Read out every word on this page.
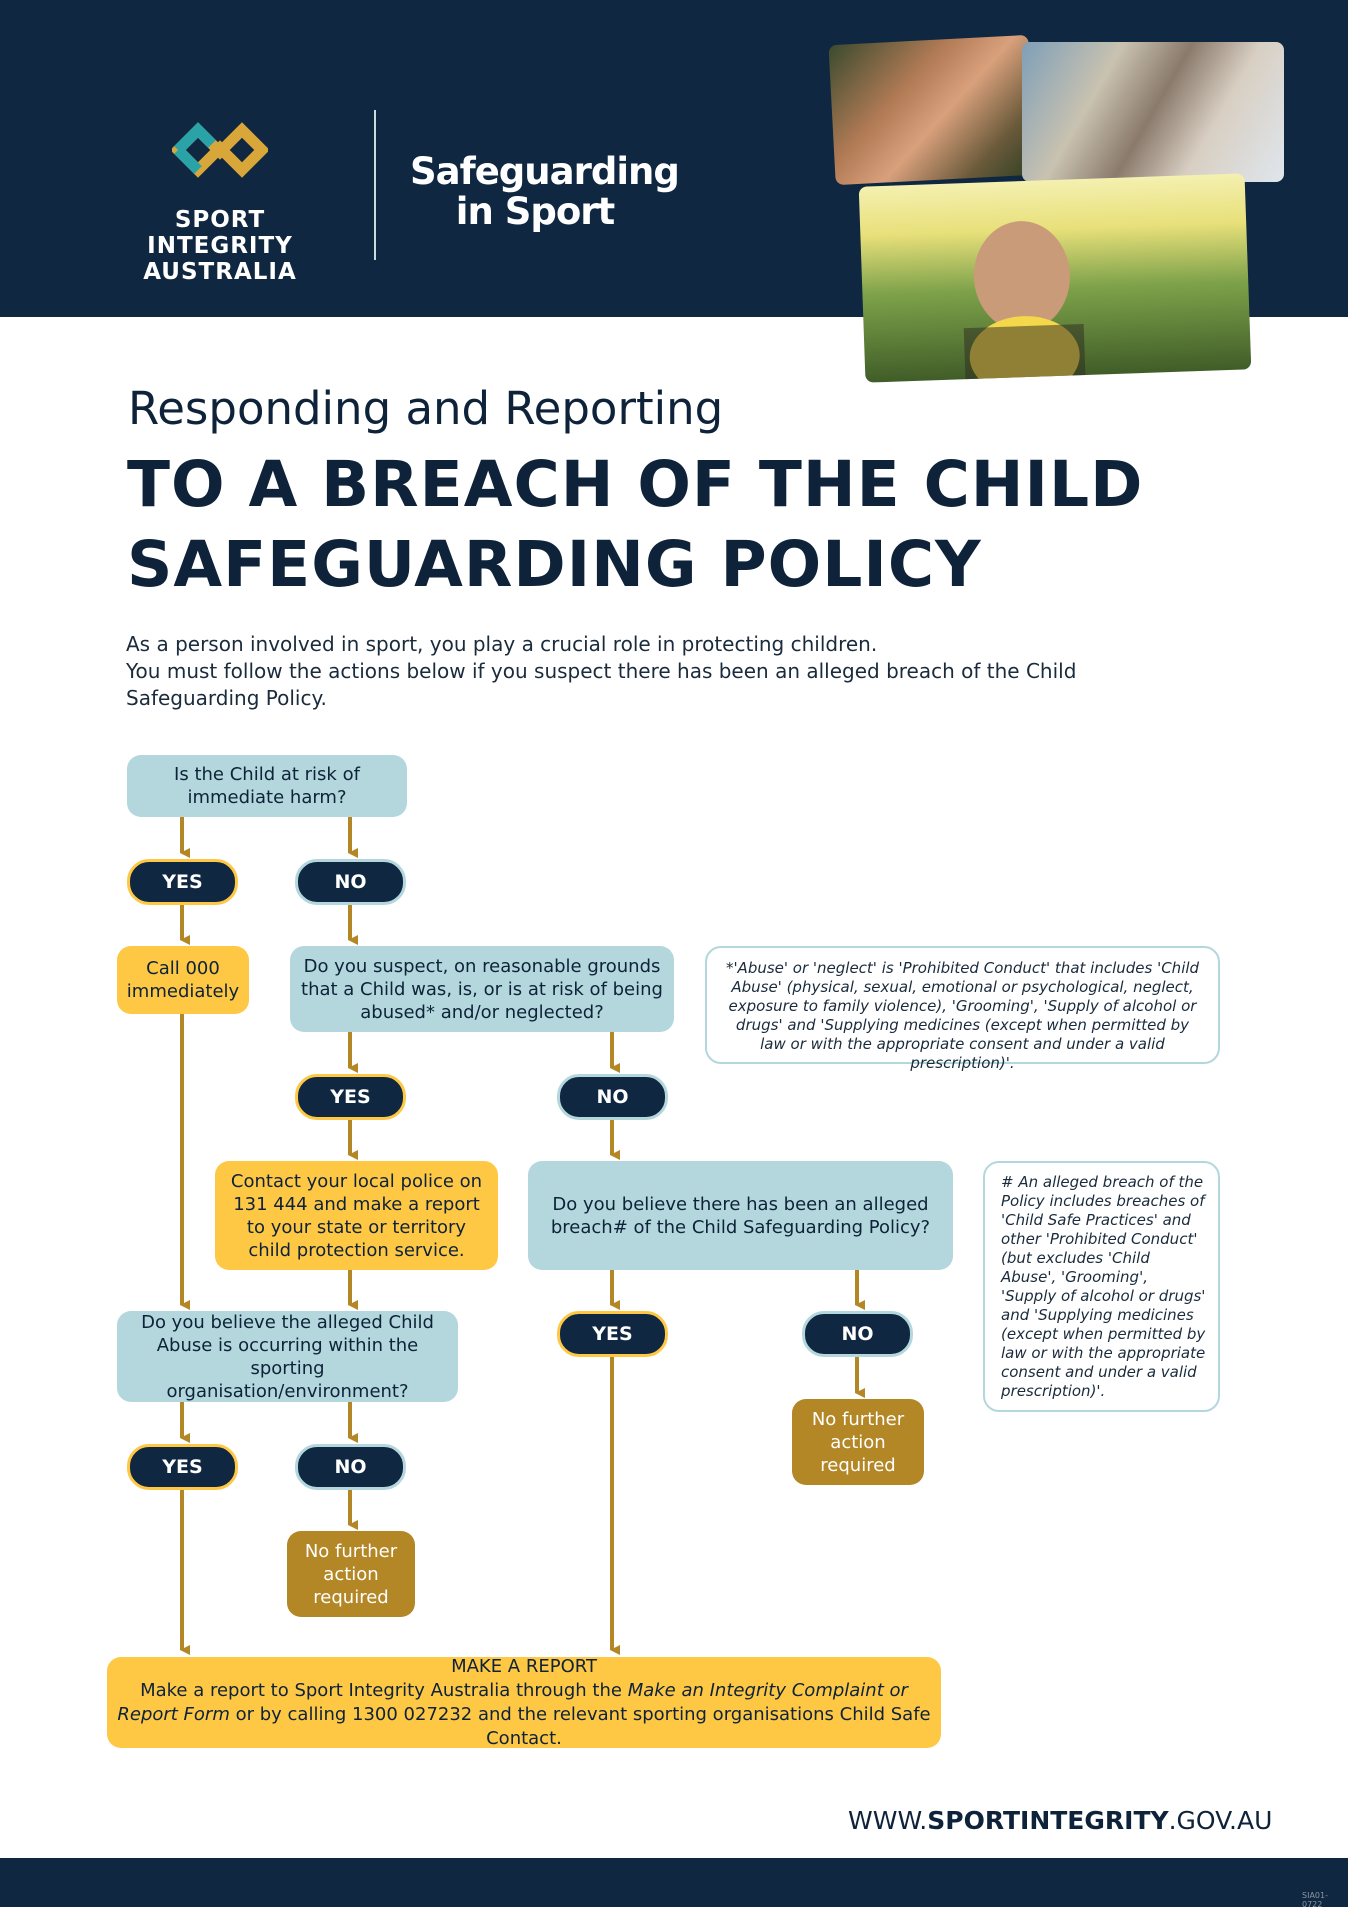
SPORT INTEGRITY
AUSTRALIA
Safeguarding
in Sport
Responding and Reporting
TO A BREACH OF THE CHILD
SAFEGUARDING POLICY
As a person involved in sport, you play a crucial role in protecting children.
You must follow the actions below if you suspect there has been an alleged breach of the Child Safeguarding Policy.
Is the Child at risk of immediate harm?
YES	NO
Call 000 immediately
Do you suspect, on reasonable grounds that a Child was, is, or is at risk of being abused* and/or neglected?
*'Abuse' or 'neglect' is 'Prohibited Conduct' that includes 'Child Abuse' (physical, sexual, emotional or psychological, neglect, exposure to family violence), 'Grooming', 'Supply of alcohol or drugs' and 'Supplying medicines (except when permitted by law or with the appropriate consent and under a valid prescription)'.
YES	NO
Contact your local police on 131 444 and make a report to your state or territory child protection service.
Do you believe there has been an alleged breach# of the Child Safeguarding Policy?
# An alleged breach of the Policy includes breaches of 'Child Safe Practices' and other 'Prohibited Conduct' (but excludes 'Child Abuse', 'Grooming', 'Supply of alcohol or drugs' and 'Supplying medicines (except when permitted by law or with the appropriate consent and under a valid prescription)'.
Do you believe the alleged Child Abuse is occurring within the sporting organisation/environment?
YES	NO
No further action required
YES	NO
No further action required
MAKE A REPORT
Make a report to Sport Integrity Australia through the Make an Integrity Complaint or Report Form or by calling 1300 027232 and the relevant sporting organisations Child Safe Contact.
WWW.SPORTINTEGRITY.GOV.AU
SIA01-0722
